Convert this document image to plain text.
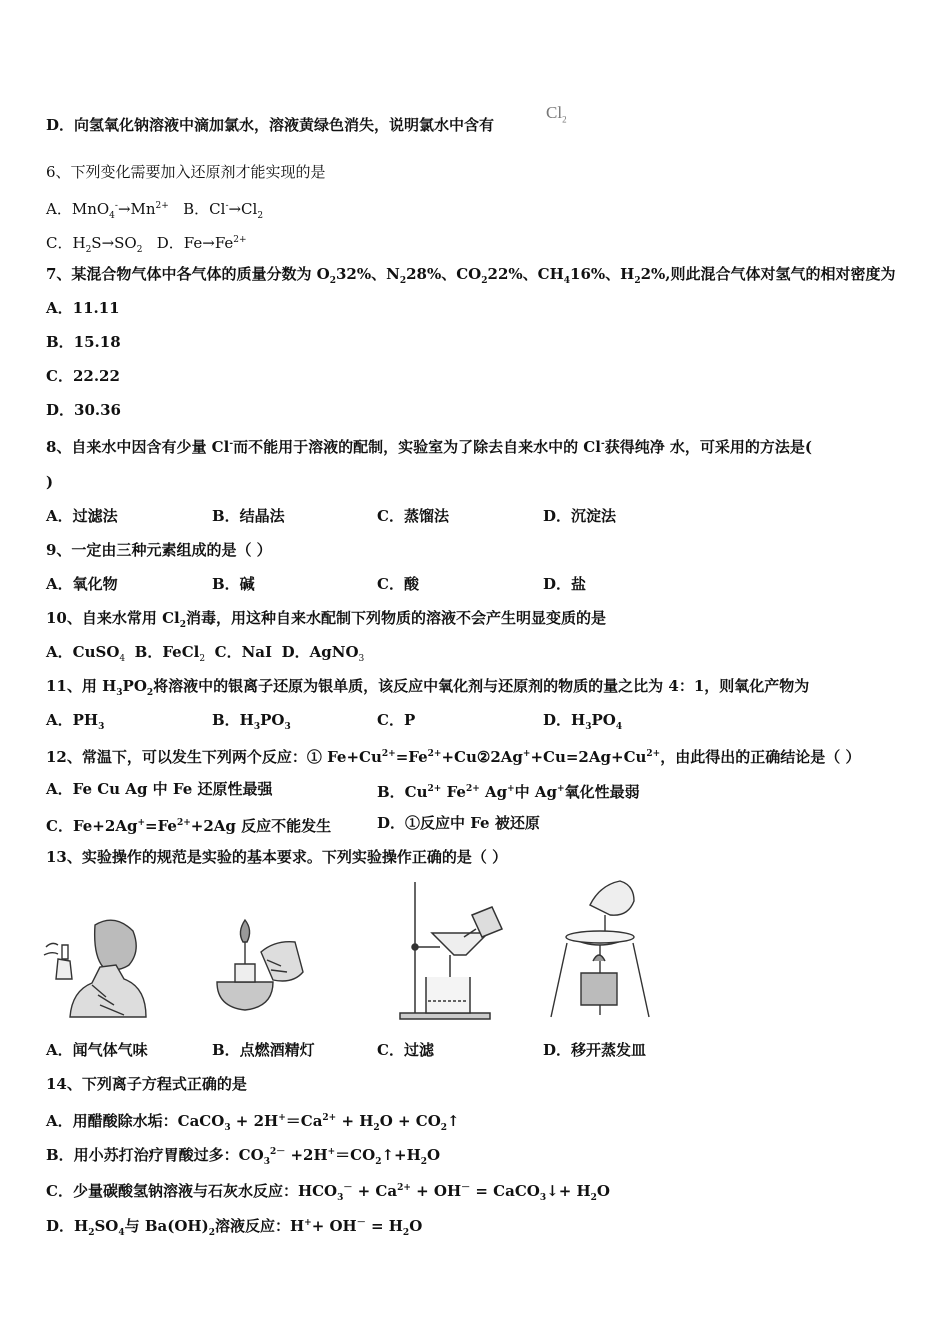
D．向氢氧化钠溶液中滴加氯水，溶液黄绿色消失，说明氯水中含有
$Cl_2$
6、下列变化需要加入还原剂才能实现的是
A．$MnO_4^-\to Mn^{2+}$ B．$Cl^-\to Cl_2$
C．$H_2S\to SO_2$ D．$Fe\to Fe^{2+}$
7、某混合物气体中各气体的质量分数为 $O_232\%$、$N_228\%$、$CO_222\%$、$CH_416\%$、$H_22\%$,则此混合气体对氢气的相对密度为
A．11.11
B．15.18
C．22.22
D．30.36
8、自来水中因含有少量 Cl-而不能用于溶液的配制，实验室为了除去自来水中的 Cl-获得纯净 水，可采用的方法是(
)
A．过滤法	B．结晶法	C．蒸馏法	D．沉淀法
9、一定由三种元素组成的是（ ）
A．氧化物	B．碱	C．酸	D．盐
10、自来水常用 $Cl_2$消毒，用这种自来水配制下列物质的溶液不会产生明显变质的是
A．CuSO$_4$ B．FeCl$_2$ C．NaI D．AgNO$_3$
11、用 $H_3PO_2$将溶液中的银离子还原为银单质，该反应中氧化剂与还原剂的物质的量之比为 4：1，则氧化产物为
A．$PH_3$	B．$H_3PO_3$	C．P	D．$H_3PO_4$
12、常温下，可以发生下列两个反应：① $Fe+Cu^{2+}=Fe^{2+}+Cu②2Ag^++Cu=2Ag+Cu^{2+}$，由此得出的正确结论是（ ）
A．Fe Cu Ag 中 Fe 还原性最强	B．$Cu^{2+}$ $Fe^{2+}$ Ag+中 Ag+氧化性最弱
C．$Fe+2Ag^+=Fe^{2+}+2Ag$ 反应不能发生	D．①反应中 Fe 被还原
13、实验操作的规范是实验的基本要求。下列实验操作正确的是（ ）
A．闻气体气味	B．点燃酒精灯	C．过滤	D．移开蒸发皿
14、下列离子方程式正确的是
A．用醋酸除水垢：CaCO$_3$ + $2H^+=Ca^{2+} + H_2O$ + $CO_2↑$
B．用小苏打治疗胃酸过多：$CO_3^{2-}$ $+2H^+=CO_2↑+H_2O$
C．少量碳酸氢钠溶液与石灰水反应：$HCO_3^- + Ca^{2+} + OH^-$ = CaCO$_3$↓+ $H_2O$
D．$H_2SO_4$与 $Ba(OH)_2$溶液反应：$H^++ OH^- = H_2O$
